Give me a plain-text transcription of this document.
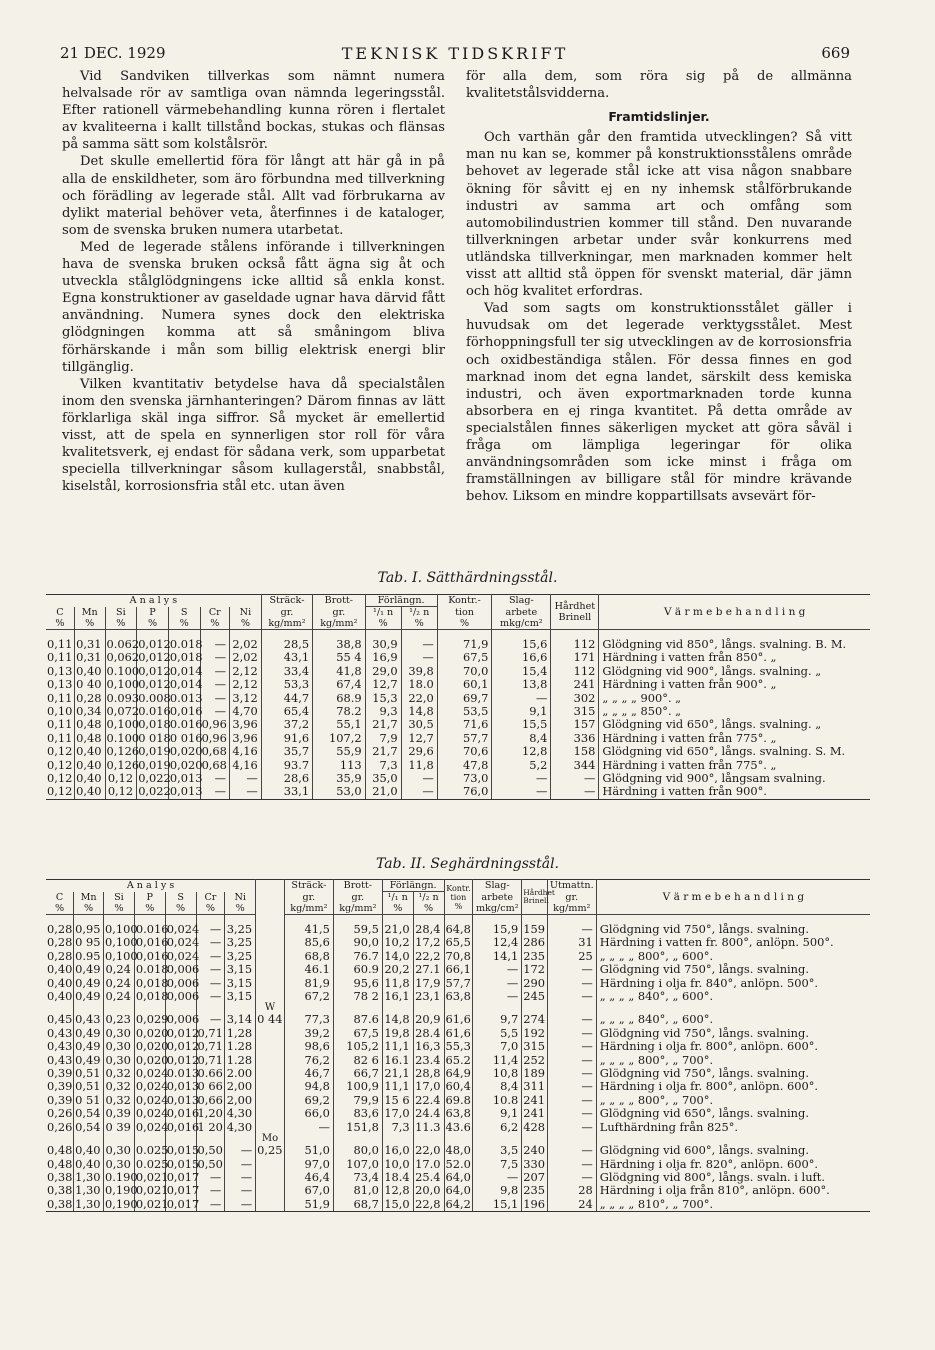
21 DEC. 1929	TEKNISK TIDSKRIFT	669

Vid Sandviken tillverkas som nämnt numera helvalsade rör av samtliga ovan nämnda legeringsstål. Efter rationell värmebehandling kunna rören i flertalet av kvaliteerna i kallt tillstånd bockas, stukas och flänsas på samma sätt som kolstålsrör.

Det skulle emellertid föra för långt att här gå in på alla de enskildheter, som äro förbundna med tillverkning och förädling av legerade stål. Allt vad förbrukarna av dylikt material behöver veta, återfinnes i de kataloger, som de svenska bruken numera utarbetat.

Med de legerade stålens införande i tillverkningen hava de svenska bruken också fått ägna sig åt och utveckla stålglödgningens icke alltid så enkla konst. Egna konstruktioner av gaseldade ugnar hava därvid fått användning. Numera synes dock den elektriska glödgningen komma att så småningom bliva förhärskande i mån som billig elektrisk energi blir tillgänglig.

Vilken kvantitativ betydelse hava då specialstålen inom den svenska järnhanteringen? Därom finnas av lätt förklarliga skäl inga siffror. Så mycket är emellertid visst, att de spela en synnerligen stor roll för våra kvalitetsverk, ej endast för sådana verk, som upparbetat speciella tillverkningar såsom kullagerstål, snabbstål, kiselstål, korrosionsfria stål etc. utan även

för alla dem, som röra sig på de allmänna kvalitetstålsvidderna.

Framtidslinjer.

Och varthän går den framtida utvecklingen? Så vitt man nu kan se, kommer på konstruktionsstålens område behovet av legerade stål icke att visa någon snabbare ökning för såvitt ej en ny inhemsk stålförbrukande industri av samma art och omfång som automobilindustrien kommer till stånd. Den nuvarande tillverkningen arbetar under svår konkurrens med utländska tillverkningar, men marknaden kommer helt visst att alltid stå öppen för svenskt material, där jämn och hög kvalitet erfordras.

Vad som sagts om konstruktionsstålet gäller i huvudsak om det legerade verktygsstålet. Mest förhoppningsfull ter sig utvecklingen av de korrosionsfria och oxidbeständiga stålen. För dessa finnes en god marknad inom det egna landet, särskilt dess kemiska industri, och även exportmarknaden torde kunna absorbera en ej ringa kvantitet. På detta område av specialstålen finnes säkerligen mycket att göra såväl i fråga om lämpliga legeringar för olika användningsområden som icke minst i fråga om framställningen av billigare stål för mindre krävande behov. Liksom en mindre koppartillsats avsevärt för-

Tab. I. Sätthärdningsstål.
A n a l y s							Sträck-	Brott-	Förlängn.		Kontr.-	Slag-	Hårdhet
Brinell	V ä r m e b e h a n d l i n g
C	Mn	Si	P	S	Cr	Ni	gr.	gr.	¹/₁ n	¹/₂ n	tion	arbete		
%	%	%	%	%	%	%	kg/mm²	kg/mm²	%	%	%	mkg/cm²		

0,11	0,31	0.062	0,012	0.018	—	2,02	28,5	38,8	30,9	—	71,9	15,6	112	Glödgning vid 850°, långs. svalning. B. M.
0,11	0,31	0,062	0,012	0,018	—	2,02	43,1	55 4	16,9	—	67,5	16,6	171	Härdning i vatten från 850°. „
0,13	0,40	0.100	0,012	0,014	—	2,12	33,4	41,8	29,0	39,8	70,0	15,4	112	Glödgning vid 900°, långs. svalning. „
0,13	0 40	0,100	0,012	0,014	—	2,12	53,3	67,4	12,7	18.0	60,1	13,8	241	Härdning i vatten från 900°. „
0,11	0,28	0.093	0.008	0.013	—	3,12	44,7	68.9	15,3	22,0	69,7	—	302	„ „ „ „ 900°. „
0,10	0,34	0,072	0.016	0,016	—	4,70	65,4	78.2	9,3	14,8	53,5	9,1	315	„ „ „ „ 850°. „
0,11	0,48	0,100	0,018	0.016	0,96	3,96	37,2	55,1	21,7	30,5	71,6	15,5	157	Glödgning vid 650°, långs. svalning. „
0,11	0,48	0.100	0 018	0 016	0,96	3,96	91,6	107,2	7,9	12,7	57,7	8,4	336	Härdning i vatten från 775°. „
0,12	0,40	0,126	0,019	0,020	0,68	4,16	35,7	55,9	21,7	29,6	70,6	12,8	158	Glödgning vid 650°, långs. svalning. S. M.
0,12	0,40	0,126	0,019	0,020	0,68	4,16	93.7	113	7,3	11,8	47,8	5,2	344	Härdning i vatten från 775°. „
0,12	0,40	0,12	0,022	0,013	—	—	28,6	35,9	35,0	—	73,0	—	—	Glödgning vid 900°, långsam svalning.
0,12	0,40	0,12	0,022	0,013	—	—	33,1	53,0	21,0	—	76,0	—	—	Härdning i vatten från 900°.
Tab. II. Seghärdningsstål.
A n a l y s								Sträck-	Brott-	Förlängn.		Kontr. tion %	Slag-	Hårdhet Brinell	Utmattn.	V ä r m e b e h a n d l i n g
C	Mn	Si	P	S	Cr	Ni		gr.	gr.	¹/₁ n	¹/₂ n		arbete		gr.	
%	%	%	%	%	%	%		kg/mm²	kg/mm²	%	%		mkg/cm²		kg/mm²	

0,28	0,95	0,100	0.016	0,024	—	3,25		41,5	59,5	21,0	28,4	64,8	15,9	159	—	Glödgning vid 750°, långs. svalning.
0,28	0 95	0,100	0,016	0,024	—	3,25		85,6	90,0	10,2	17,2	65,5	12,4	286	31	Härdning i vatten fr. 800°, anlöpn. 500°.
0,28	0.95	0,100	0,016	0,024	—	3,25		68,8	76.7	14,0	22,2	70,8	14,1	235	25	„ „ „ „ 800°, „ 600°.
0,40	0,49	0,24	0.018	0,006	—	3,15		46.1	60.9	20,2	27.1	66,1	—	172	—	Glödgning vid 750°, långs. svalning.
0,40	0,49	0,24	0,018	0,006	—	3,15		81,9	95,6	11,8	17,9	57,7	—	290	—	Härdning i olja fr. 840°, anlöpn. 500°.
0,40	0,49	0,24	0,018	0,006	—	3,15		67,2	78 2	16,1	23,1	63,8	—	245	—	„ „ „ „ 840°, „ 600°.
							W									
0,45	0,43	0,23	0,029	0,006	—	3,14	0 44	77,3	87.6	14,8	20,9	61,6	9,7	274	—	„ „ „ „ 840°, „ 600°.
0,43	0,49	0,30	0,020	0,012	0,71	1,28		39,2	67,5	19,8	28.4	61,6	5,5	192	—	Glödgning vid 750°, långs. svalning.
0,43	0,49	0,30	0,020	0,012	0,71	1.28		98,6	105,2	11,1	16,3	55,3	7,0	315	—	Härdning i olja fr. 800°, anlöpn. 600°.
0,43	0,49	0,30	0,020	0,012	0,71	1.28		76,2	82 6	16.1	23.4	65.2	11,4	252	—	„ „ „ „ 800°, „ 700°.
0,39	0,51	0,32	0,024	0.013	0.66	2.00		46,7	66,7	21,1	28,8	64,9	10,8	189	—	Glödgning vid 750°, långs. svalning.
0,39	0,51	0,32	0,024	0,013	0 66	2,00		94,8	100,9	11,1	17,0	60,4	8,4	311	—	Härdning i olja fr. 800°, anlöpn. 600°.
0,39	0 51	0,32	0,024	0,013	0,66	2,00		69,2	79,9	15 6	22.4	69.8	10.8	241	—	„ „ „ „ 800°, „ 700°.
0,26	0,54	0,39	0,024	0,016	1,20	4,30		66,0	83,6	17,0	24.4	63,8	9,1	241	—	Glödgning vid 650°, långs. svalning.
0,26	0,54	0 39	0,024	0,016	1 20	4,30		—	151,8	7,3	11.3	43.6	6,2	428	—	Lufthärdning från 825°.
							Mo									
0,48	0,40	0,30	0.025	0,015	0,50	—	0,25	51,0	80,0	16,0	22,0	48,0	3,5	240	—	Glödgning vid 600°, långs. svalning.
0,48	0,40	0,30	0.025	0,015	0,50	—		97,0	107,0	10,0	17.0	52.0	7,5	330	—	Härdning i olja fr. 820°, anlöpn. 600°.
0,38	1,30	0.190	0,021	0,017	—	—		46,4	73,4	18.4	25.4	64,0	—	207	—	Glödgning vid 800°, långs. svaln. i luft.
0,38	1,30	0,190	0,021	0,017	—	—		67,0	81,0	12,8	20,0	64,0	9,8	235	28	Härdning i olja från 810°, anlöpn. 600°.
0,38	1,30	0,190	0,021	0,017	—	—		51,9	68,7	15,0	22,8	64,2	15,1	196	24	„ „ „ „ 810°, „ 700°.
